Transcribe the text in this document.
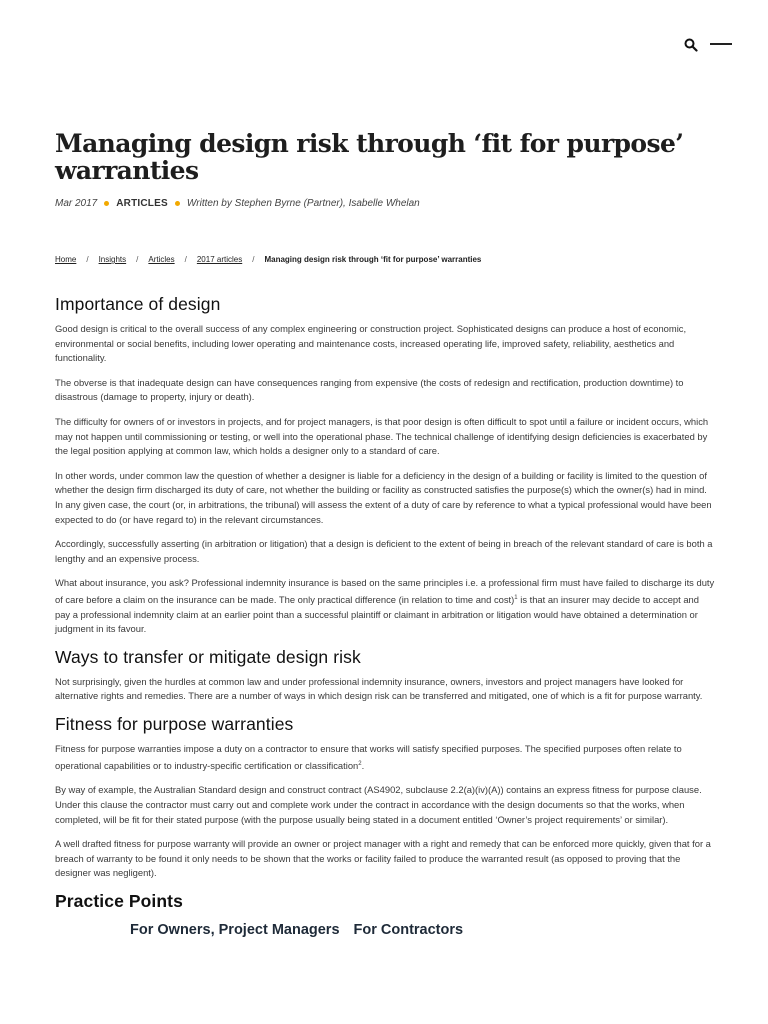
Managing design risk through ‘fit for purpose’ warranties
Mar 2017 ARTICLES Written by Stephen Byrne (Partner), Isabelle Whelan
Home / Insights / Articles / 2017 articles / Managing design risk through ‘fit for purpose’ warranties
Importance of design

Good design is critical to the overall success of any complex engineering or construction project. Sophisticated designs can produce a host of economic, environmental or social benefits, including lower operating and maintenance costs, increased operating life, improved safety, reliability, aesthetics and functionality.

The obverse is that inadequate design can have consequences ranging from expensive (the costs of redesign and rectification, production downtime) to disastrous (damage to property, injury or death).

The difficulty for owners of or investors in projects, and for project managers, is that poor design is often difficult to spot until a failure or incident occurs, which may not happen until commissioning or testing, or well into the operational phase. The technical challenge of identifying design deficiencies is exacerbated by the legal position applying at common law, which holds a designer only to a standard of care.

In other words, under common law the question of whether a designer is liable for a deficiency in the design of a building or facility is limited to the question of whether the design firm discharged its duty of care, not whether the building or facility as constructed satisfies the purpose(s) which the owner(s) had in mind. In any given case, the court (or, in arbitrations, the tribunal) will assess the extent of a duty of care by reference to what a typical professional would have been expected to do (or have regard to) in the relevant circumstances.

Accordingly, successfully asserting (in arbitration or litigation) that a design is deficient to the extent of being in breach of the relevant standard of care is both a lengthy and an expensive process.

What about insurance, you ask? Professional indemnity insurance is based on the same principles i.e. a professional firm must have failed to discharge its duty of care before a claim on the insurance can be made. The only practical difference (in relation to time and cost)$^1$ is that an insurer may decide to accept and pay a professional indemnity claim at an earlier point than a successful plaintiff or claimant in arbitration or litigation would have obtained a determination or judgment in its favour.

Ways to transfer or mitigate design risk

Not surprisingly, given the hurdles at common law and under professional indemnity insurance, owners, investors and project managers have looked for alternative rights and remedies. There are a number of ways in which design risk can be transferred and mitigated, one of which is a fit for purpose warranty.

Fitness for purpose warranties

Fitness for purpose warranties impose a duty on a contractor to ensure that works will satisfy specified purposes. The specified purposes often relate to operational capabilities or to industry-specific certification or classification$^2$.

By way of example, the Australian Standard design and construct contract (AS4902, subclause 2.2(a)(iv)(A)) contains an express fitness for purpose clause. Under this clause the contractor must carry out and complete work under the contract in accordance with the design documents so that the works, when completed, will be fit for their stated purpose (with the purpose usually being stated in a document entitled ‘Owner’s project requirements’ or similar).

A well drafted fitness for purpose warranty will provide an owner or project manager with a right and remedy that can be enforced more quickly, given that for a breach of warranty to be found it only needs to be shown that the works or facility failed to produce the warranted result (as opposed to proving that the designer was negligent).

Practice Points
For Owners, Project Managers For Contractors
